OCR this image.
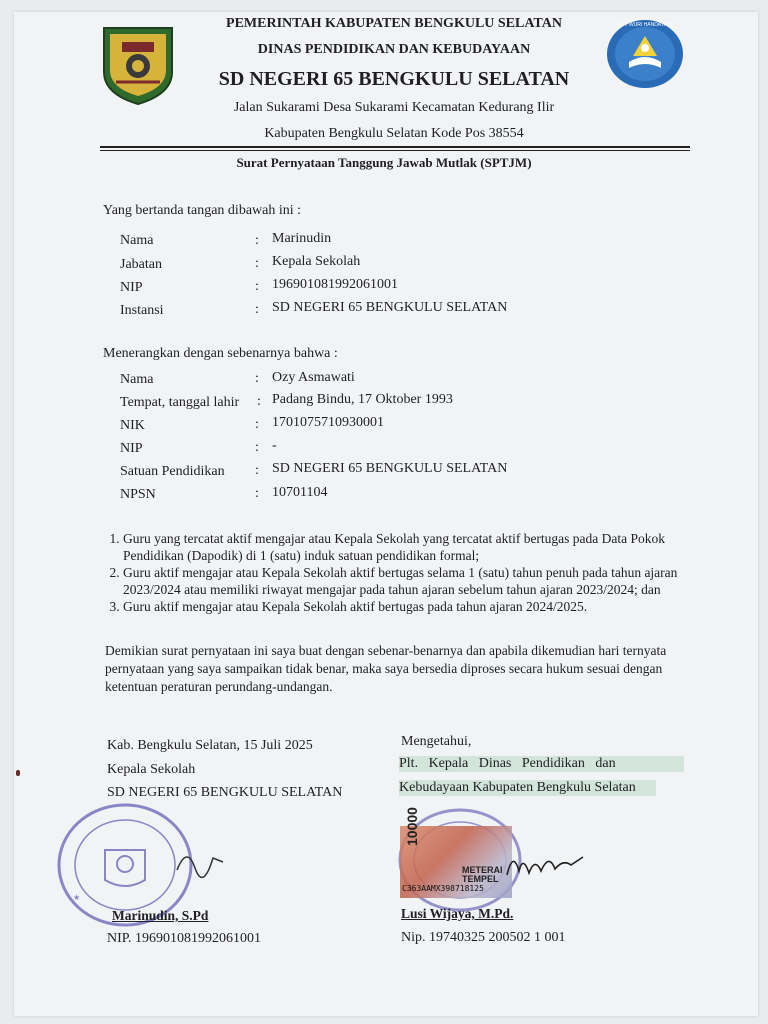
TUT WURI HANDAYANI
PEMERINTAH KABUPATEN BENGKULU SELATAN
DINAS PENDIDIKAN DAN KEBUDAYAAN
SD NEGERI 65 BENGKULU SELATAN
Jalan Sukarami Desa Sukarami Kecamatan Kedurang Ilir
Kabupaten Bengkulu Selatan Kode Pos 38554
Surat Pernyataan Tanggung Jawab Mutlak (SPTJM)
Yang bertanda tangan dibawah ini :
Nama	: Marinudin
Jabatan	: Kepala Sekolah
NIP	: 196901081992061001
Instansi	: SD NEGERI 65 BENGKULU SELATAN
Menerangkan dengan sebenarnya bahwa :
Nama	: Ozy Asmawati
Tempat, tanggal lahir : Padang Bindu, 17 Oktober 1993
NIK	: 1701075710930001
NIP	: -
Satuan Pendidikan : SD NEGERI 65 BENGKULU SELATAN
NPSN	: 10701104
1. Guru yang tercatat aktif mengajar atau Kepala Sekolah yang tercatat aktif bertugas pada Data Pokok Pendidikan (Dapodik) di 1 (satu) induk satuan pendidikan formal;
2. Guru aktif mengajar atau Kepala Sekolah aktif bertugas selama 1 (satu) tahun penuh pada tahun ajaran 2023/2024 atau memiliki riwayat mengajar pada tahun ajaran sebelum tahun ajaran 2023/2024; dan
3. Guru aktif mengajar atau Kepala Sekolah aktif bertugas pada tahun ajaran 2024/2025.
Demikian surat pernyataan ini saya buat dengan sebenar-benarnya dan apabila dikemudian hari ternyata pernyataan yang saya sampaikan tidak benar, maka saya bersedia diproses secara hukum sesuai dengan ketentuan peraturan perundang-undangan.
Kab. Bengkulu Selatan, 15 Juli 2025
Kepala Sekolah
SD NEGERI 65 BENGKULU SELATAN
★
Marinudin, S.Pd
NIP. 196901081992061001
Mengetahui,
Plt.   Kepala   Dinas   Pendidikan   dan
Kebudayaan Kabupaten Bengkulu Selatan
10000
METERAI TEMPEL
C363AAMX398718125
Lusi Wijaya, M.Pd.
Nip. 19740325 200502 1 001
